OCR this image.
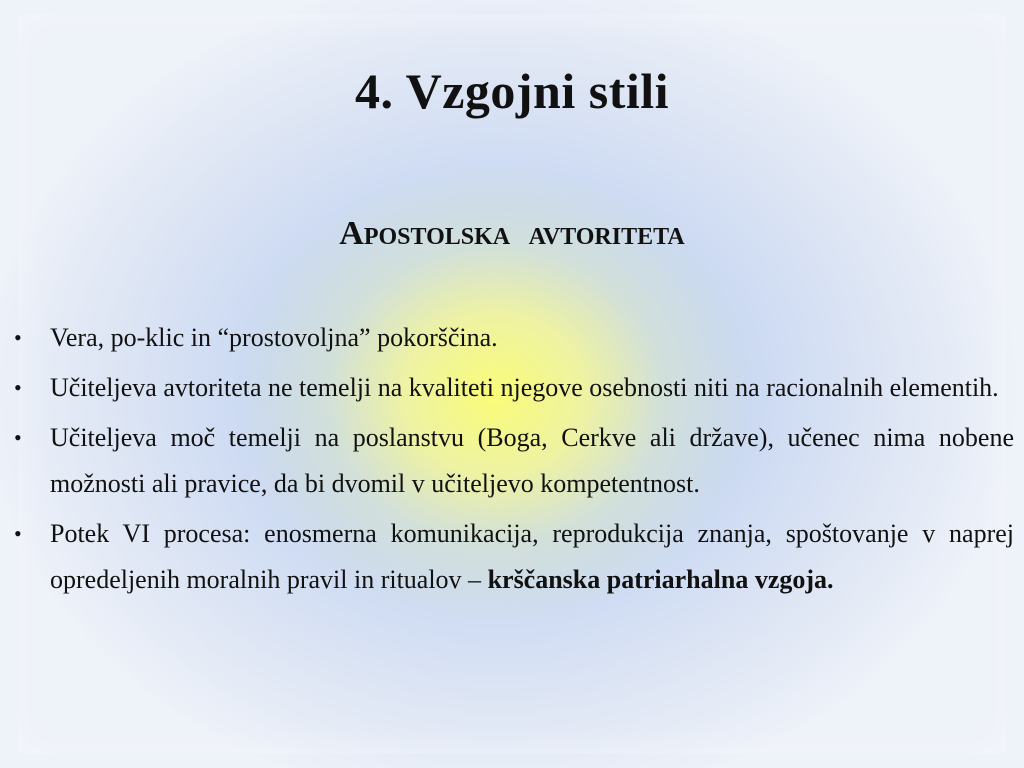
4. Vzgojni stili
Apostolska avtoriteta
• Vera, po-klic in “prostovoljna” pokorščina.
• Učiteljeva avtoriteta ne temelji na kvaliteti njegove osebnosti niti na racionalnih elementih.
• Učiteljeva moč temelji na poslanstvu (Boga, Cerkve ali države), učenec nima nobene možnosti ali pravice, da bi dvomil v učiteljevo kompetentnost.
• Potek VI procesa: enosmerna komunikacija, reprodukcija znanja, spoštovanje v naprej opredeljenih moralnih pravil in ritualov – krščanska patriarhalna vzgoja.
